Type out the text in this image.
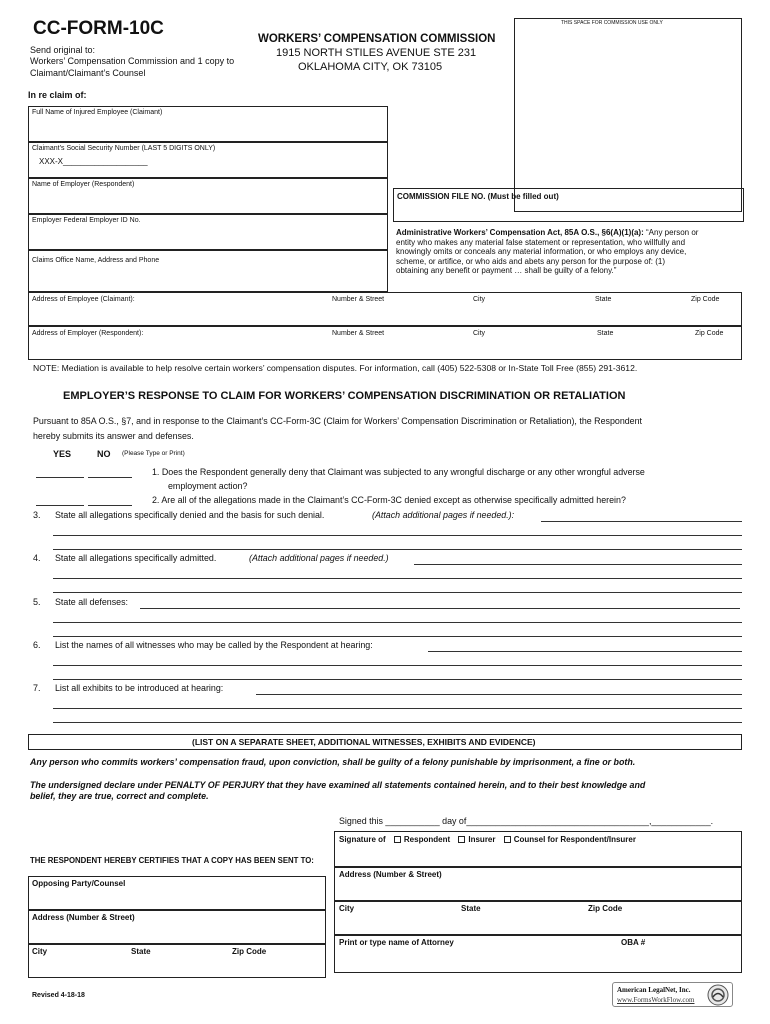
CC-FORM-10C
Send original to:
Workers’ Compensation Commission and 1 copy to
Claimant/Claimant’s Counsel
WORKERS’ COMPENSATION COMMISSION
1915 NORTH STILES AVENUE STE 231
OKLAHOMA CITY, OK 73105
THIS SPACE FOR COMMISSION USE ONLY
In re claim of:
Full Name of Injured Employee (Claimant)
Claimant’s Social Security Number (LAST 5 DIGITS ONLY)
XXX-X___________________
Name of Employer (Respondent)
Employer Federal Employer ID No.
Claims Office Name, Address and Phone
COMMISSION FILE NO. (Must be filled out)
Administrative Workers’ Compensation Act, 85A O.S., §6(A)(1)(a): “Any person or
entity who makes any material false statement or representation, who willfully and
knowingly omits or conceals any material information, or who employs any device,
scheme, or artifice, or who aids and abets any person for the purpose of: (1)
obtaining any benefit or payment … shall be guilty of a felony.”
Address of Employee (Claimant):	Number & Street	City	State	Zip Code
Address of Employer (Respondent):	Number & Street	City	State	Zip Code
NOTE: Mediation is available to help resolve certain workers’ compensation disputes. For information, call (405) 522-5308 or In-State Toll Free (855) 291-3612.
EMPLOYER’S RESPONSE TO CLAIM FOR WORKERS’ COMPENSATION DISCRIMINATION OR RETALIATION
Pursuant to 85A O.S., §7, and in response to the Claimant’s CC-Form-3C (Claim for Workers’ Compensation Discrimination or Retaliation), the Respondent
hereby submits its answer and defenses.
YES	NO (Please Type or Print)
1. Does the Respondent generally deny that Claimant was subjected to any wrongful discharge or any other wrongful adverse
employment action?
2. Are all of the allegations made in the Claimant’s CC-Form-3C denied except as otherwise specifically admitted herein?
3. State all allegations specifically denied and the basis for such denial.	(Attach additional pages if needed.):
4. State all allegations specifically admitted.	(Attach additional pages if needed.)
5. State all defenses:
6. List the names of all witnesses who may be called by the Respondent at hearing:
7. List all exhibits to be introduced at hearing:
(LIST ON A SEPARATE SHEET, ADDITIONAL WITNESSES, EXHIBITS AND EVIDENCE)
Any person who commits workers’ compensation fraud, upon conviction, shall be guilty of a felony punishable by imprisonment, a fine or both.
The undersigned declare under PENALTY OF PERJURY that they have examined all statements contained herein, and to their best knowledge and
belief, they are true, correct and complete.
Signed this ___________ day of_____________________________________,____________.
Signature of Respondent Insurer Counsel for Respondent/Insurer
Address (Number & Street)
City	State	Zip Code
Print or type name of Attorney	OBA #
THE RESPONDENT HEREBY CERTIFIES THAT A COPY HAS BEEN SENT TO:
Opposing Party/Counsel
Address (Number & Street)
City	State	Zip Code
Revised 4-18-18
American LegalNet, Inc.
www.FormsWorkFlow.com
